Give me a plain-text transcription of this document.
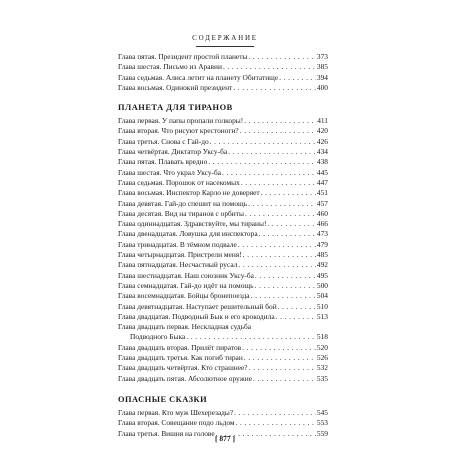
СОДЕРЖАНИЕ
Глава пятая. Президент простой планеты . . .	373
Глава шестая. Письмо из Аравии . . .	385
Глава седьмая. Алиса летит на планету Обитатище . . .	394
Глава восьмая. Одинокий президент . . .	400
ПЛАНЕТА ДЛЯ ТИРАНОВ
Глава первая. У папы пропали голкоры! . . .	411
Глава вторая. Что рисуют крестоноги? . . .	420
Глава третья. Снова с Гай-до . . .	426
Глава четвёртая. Диктатор Уксу-ба . . .	434
Глава пятая. Плавать вредно . . .	438
Глава шестая. Что украл Уксу-ба . . .	445
Глава седьмая. Порошок от насекомых . . .	447
Глава восьмая. Инспектор Карло не доверяет . . .	451
Глава девятая. Гай-до спешит на помощь . . .	457
Глава десятая. Вид на тиранов с орбиты . . .	460
Глава одиннадцатая. Здравствуйте, мы тираны! . . .	466
Глава двенадцатая. Ловушка для инспектора . . .	473
Глава тринадцатая. В тёмном подвале . . .	479
Глава четырнадцатая. Пристрели меня! . . .	485
Глава пятнадцатая. Несчастный русал . . .	492
Глава шестнадцатая. Наш союзник Уксу-ба . . .	495
Глава семнадцатая. Гай-до идёт на помощь . . .	500
Глава восемнадцатая. Бойцы бронепоезда . . .	504
Глава девятнадцатая. Наступает решительный бой . . .	510
Глава двадцатая. Подводный Бык и его крокодила . . .	513
Глава двадцать первая. Нескладная судьба
Подводного Быка . . .	518
Глава двадцать вторая. Прилёт пиратов . . .	520
Глава двадцать третья. Как погиб тиран . . .	526
Глава двадцать четвёртая. Кто страшнее? . . .	532
Глава двадцать пятая. Абсолютное оружие . . .	535
ОПАСНЫЕ СКАЗКИ
Глава первая. Кто муж Шехерезады? . . .	545
Глава вторая. Совещание подо льдом . . .	553
Глава третья. Вишня на голове . . .	559
[ 877 ]
